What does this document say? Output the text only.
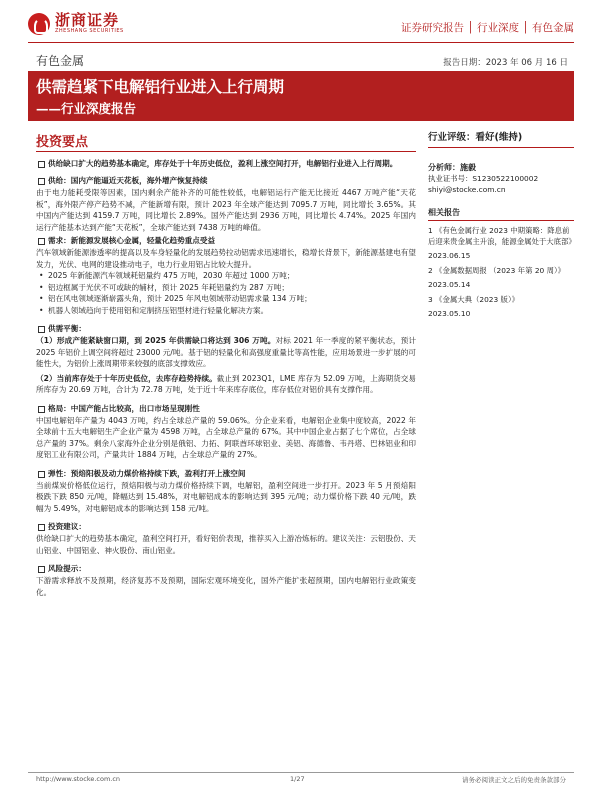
浙商证券
ZHESHANG SECURITIES	证券研究报告 │ 行业深度 │ 有色金属
有色金属	报告日期：2023 年 06 月 16 日
供需趋紧下电解铝行业进入上行周期
——行业深度报告
投资要点
供给缺口扩大的趋势基本确定，库存处于十年历史低位，盈利上涨空间打开，电解铝行业进入上行周期。
供给：国内产能逼近天花板，海外增产恢复持续
由于电力能耗受限等因素，国内剩余产能补齐的可能性较低，电解铝运行产能无比接近 4467 万吨产能“天花板”，海外限产停产趋势不减，产能新增有限，预计 2023 年全球产能达到 7095.7 万吨，同比增长 3.65%。其中国内产能达到 4159.7 万吨，同比增长 2.89%。国外产能达到 2936 万吨，同比增长 4.74%。2025 年国内运行产能基本达到产能“天花板”，全球产能达到 7438 万吨的峰值。
需求：新能源发展核心金属，轻量化趋势重点受益
汽车领域新能源渗透率的提高以及车身轻量化的发展趋势拉动铝需求迅速增长，稳增长背景下，新能源基建电有望发力，光伏、电网的建设推动电子，电力行业用铝占比较大提升。
• 2025 年新能源汽车领域耗铝量约 475 万吨，2030 年超过 1000 万吨；
• 铝边框属于光伏不可或缺的辅材，预计 2025 年耗铝量约为 287 万吨；
• 铝在风电领域逐渐崭露头角，预计 2025 年风电领域带动铝需求量 134 万吨；
• 机器人领域趋向于使用铝和定制挤压铝型材进行轻量化解决方案。
供需平衡：
（1）形成产能紧缺窗口期，到 2025 年供需缺口将达到 306 万吨。对标 2021 年一季度的紧平衡状态，预计 2025 年铝价上调空间将超过 23000 元/吨。基于铝的轻量化和高强度重量比等高性能，应用场景进一步扩展的可能性大，为铝价上涨周期带来较强的底部支撑效应。
（2）当前库存处于十年历史低位，去库存趋势持续。截止到 2023Q1，LME 库存为 52.09 万吨，上海期货交易所库存为 20.69 万吨，合计为 72.78 万吨，处于近十年来库存底位，库存低位对铝价具有支撑作用。
格局：中国产能占比较高，出口市场呈现刚性
中国电解铝年产量为 4043 万吨，约占全球总产量的 59.06%。分企业来看，电解铝企业集中度较高，2022 年全球前十五大电解铝生产企业产量为 4598 万吨，占全球总产量的 67%。其中中国企业占据了七个席位，占全球总产量的 37%。剩余八家海外企业分别是俄铝、力拓、阿联酋环球铝业、美铝、海德鲁、韦丹塔、巴林铝业和印度铝工业有限公司，产量共计 1884 万吨，占全球总产量的 27%。
弹性：预焙阳极及动力煤价格持续下跌，盈利打开上涨空间
当前煤炭价格低位运行，预焙阳极与动力煤价格持续下调，电解铝，盈利空间进一步打开。2023 年 5 月预焙阳极跌下跌 850 元/吨，降幅达到 15.48%，对电解铝成本的影响达到 395 元/吨；动力煤价格下跌 40 元/吨，跌幅为 5.49%，对电解铝成本的影响达到 158 元/吨。
投资建议：
供给缺口扩大的趋势基本确定，盈利空间打开，看好铝价表现，推荐买入上游冶炼标的。建议关注：云铝股份、天山铝业、中国铝业、神火股份、南山铝业。
风险提示：
下游需求释放不及预期，经济复苏不及预期，国际宏观环境变化，国外产能扩张超预期，国内电解铝行业政策变化。
行业评级：看好(维持)
分析师：施毅
执业证书号：S1230522100002
shiyi@stocke.com.cn
相关报告
1 《有色金属行业 2023 中期策略：降息前后迎来贵金属主升浪，能源金属处于大底部》
2023.06.15
2 《金属数据周报 （2023 年第 20 周）》
2023.05.14
3 《金属大典（2023 版）》
2023.05.10
http://www.stocke.com.cn	1/27	请务必阅读正文之后的免责条款部分
